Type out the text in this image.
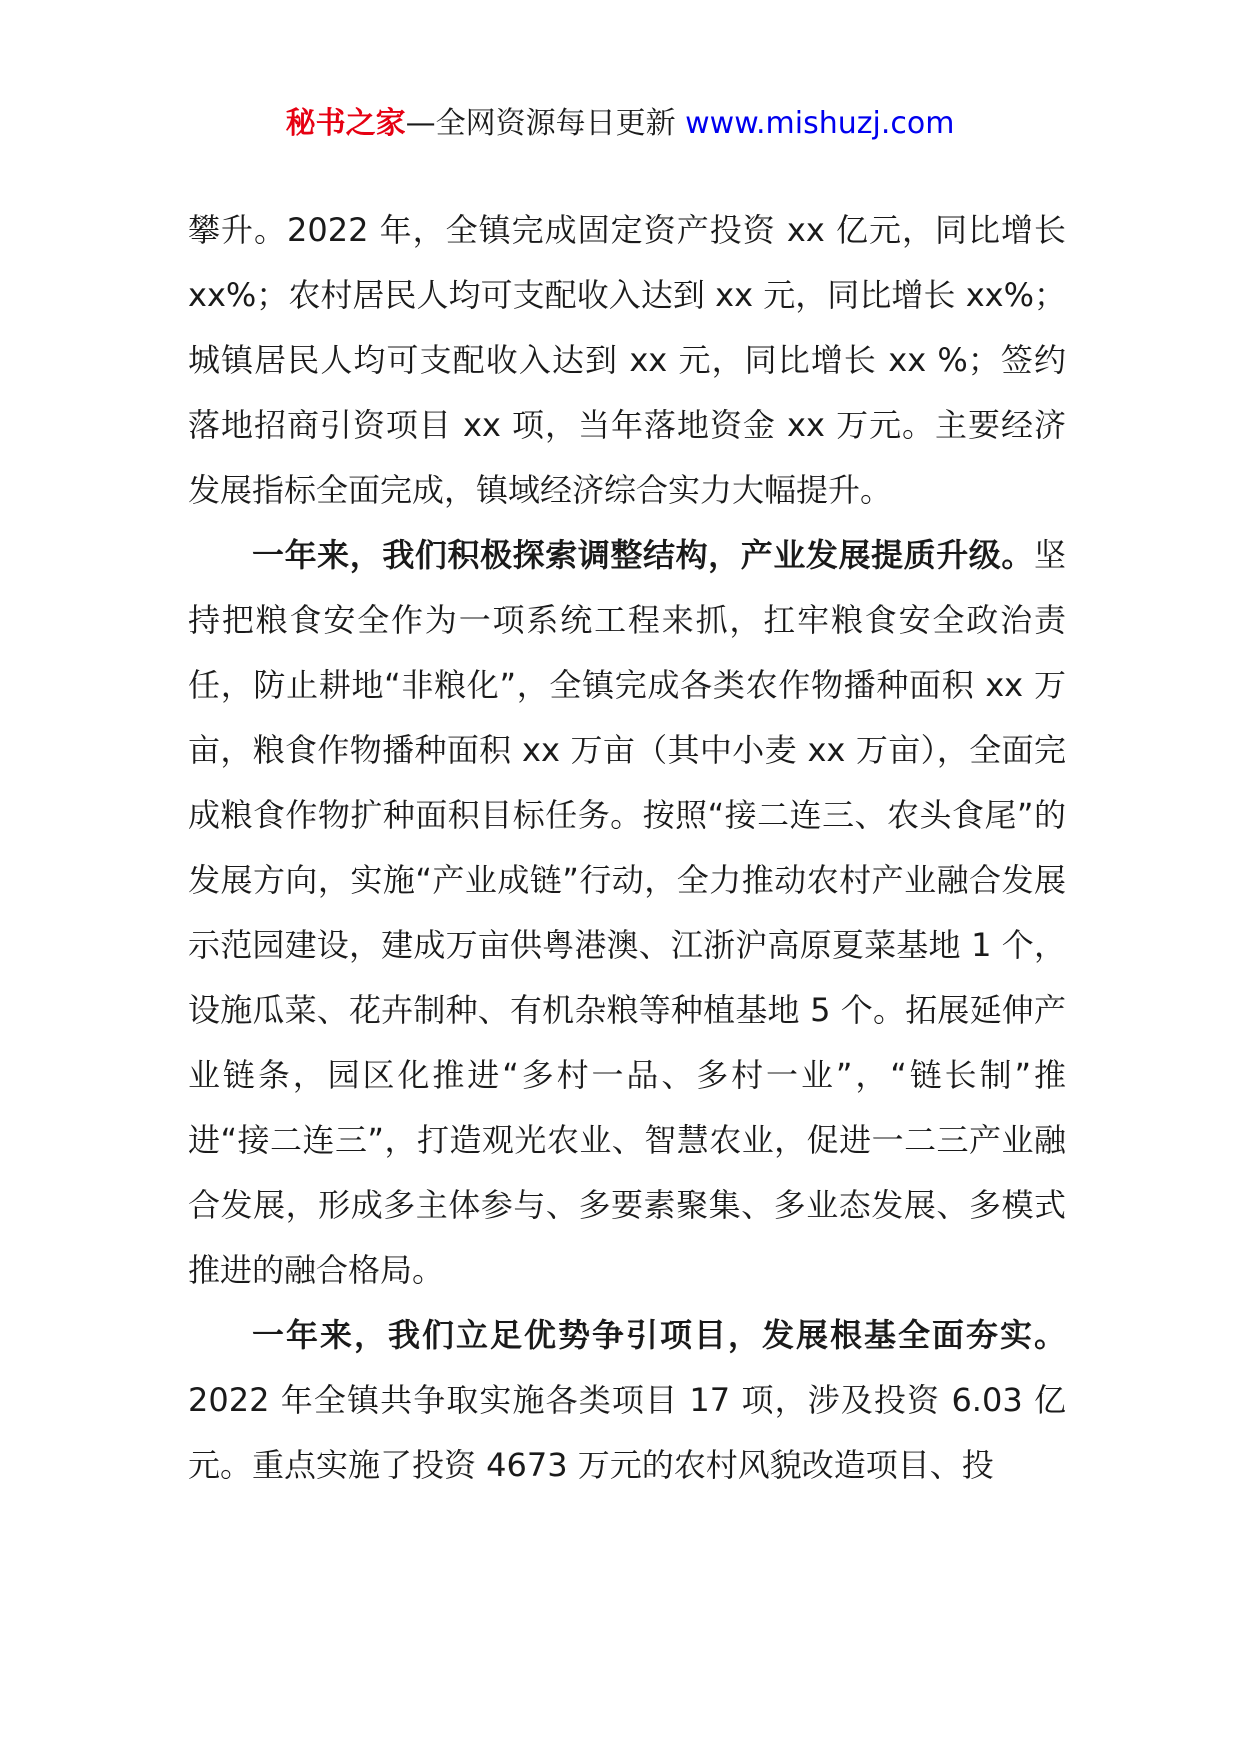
秘书之家—全网资源每日更新 www.mishuzj.com

攀升。2022 年，全镇完成固定资产投资 xx 亿元，同比增长 xx%；农村居民人均可支配收入达到 xx 元，同比增长 xx%；城镇居民人均可支配收入达到 xx 元，同比增长 xx %；签约落地招商引资项目 xx 项，当年落地资金 xx 万元。主要经济发展指标全面完成，镇域经济综合实力大幅提升。

一年来，我们积极探索调整结构，产业发展提质升级。坚持把粮食安全作为一项系统工程来抓，扛牢粮食安全政治责任，防止耕地“非粮化”，全镇完成各类农作物播种面积 xx 万亩，粮食作物播种面积 xx 万亩（其中小麦 xx 万亩），全面完成粮食作物扩种面积目标任务。按照“接二连三、农头食尾”的发展方向，实施“产业成链”行动，全力推动农村产业融合发展示范园建设，建成万亩供粤港澳、江浙沪高原夏菜基地 1 个，设施瓜菜、花卉制种、有机杂粮等种植基地 5 个。拓展延伸产业链条，园区化推进“多村一品、多村一业”，“链长制”推进“接二连三”，打造观光农业、智慧农业，促进一二三产业融合发展，形成多主体参与、多要素聚集、多业态发展、多模式推进的融合格局。

一年来，我们立足优势争引项目，发展根基全面夯实。2022 年全镇共争取实施各类项目 17 项，涉及投资 6.03 亿元。重点实施了投资 4673 万元的农村风貌改造项目、投
